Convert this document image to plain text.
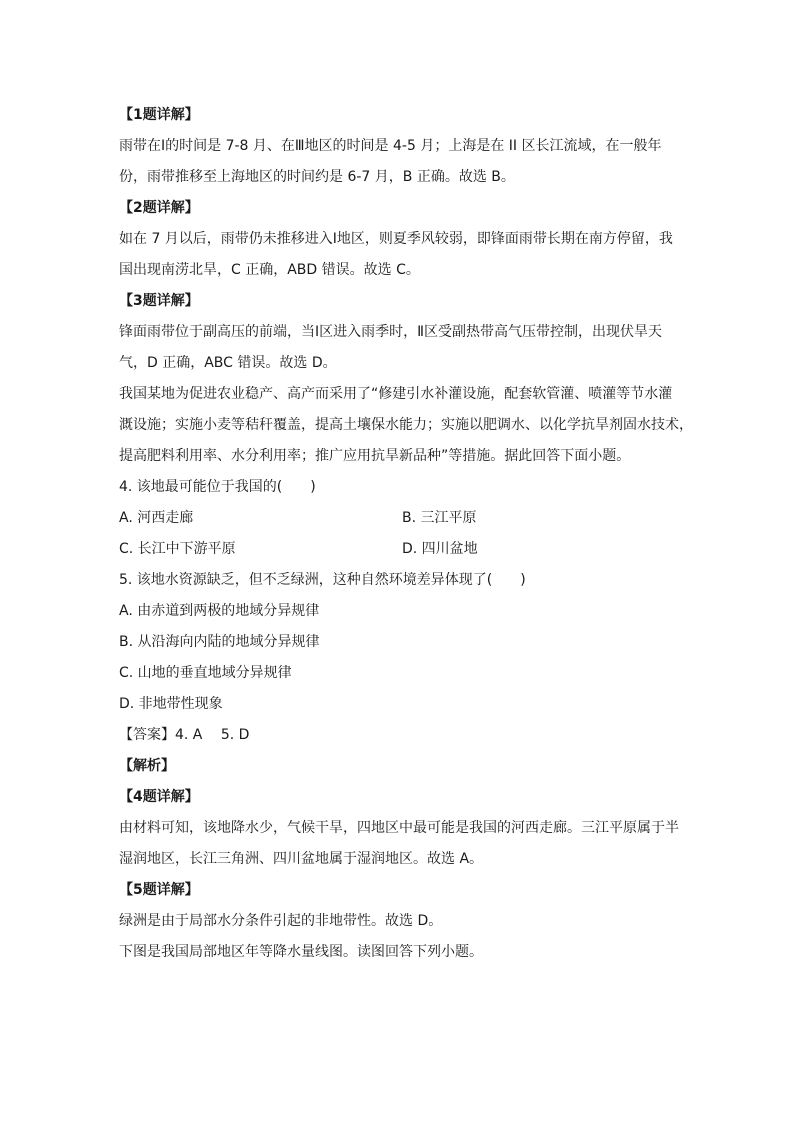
【1题详解】
雨带在Ⅰ的时间是 7-8 月、在Ⅲ地区的时间是 4-5 月；上海是在 II 区长江流域，在一般年
份，雨带推移至上海地区的时间约是 6-7 月，B 正确。故选 B。
【2题详解】
如在 7 月以后，雨带仍未推移进入Ⅰ地区，则夏季风较弱，即锋面雨带长期在南方停留，我
国出现南涝北旱，C 正确，ABD 错误。故选 C。
【3题详解】
锋面雨带位于副高压的前端，当Ⅰ区进入雨季时，Ⅱ区受副热带高气压带控制，出现伏旱天
气，D 正确，ABC 错误。故选 D。
我国某地为促进农业稳产、高产而采用了“修建引水补灌设施，配套软管灌、喷灌等节水灌
溉设施；实施小麦等秸秆覆盖，提高土壤保水能力；实施以肥调水、以化学抗旱剂固水技术，
提高肥料利用率、水分利用率；推广应用抗旱新品种”等措施。据此回答下面小题。
4. 该地最可能位于我国的(　　)
A. 河西走廊	B. 三江平原
C. 长江中下游平原	D. 四川盆地
5. 该地水资源缺乏，但不乏绿洲，这种自然环境差异体现了(　　)
A. 由赤道到两极的地域分异规律
B. 从沿海向内陆的地域分异规律
C. 山地的垂直地域分异规律
D. 非地带性现象
【答案】4. A　 5. D
【解析】
【4题详解】
由材料可知，该地降水少，气候干旱，四地区中最可能是我国的河西走廊。三江平原属于半
湿润地区，长江三角洲、四川盆地属于湿润地区。故选 A。
【5题详解】
绿洲是由于局部水分条件引起的非地带性。故选 D。
下图是我国局部地区年等降水量线图。读图回答下列小题。
